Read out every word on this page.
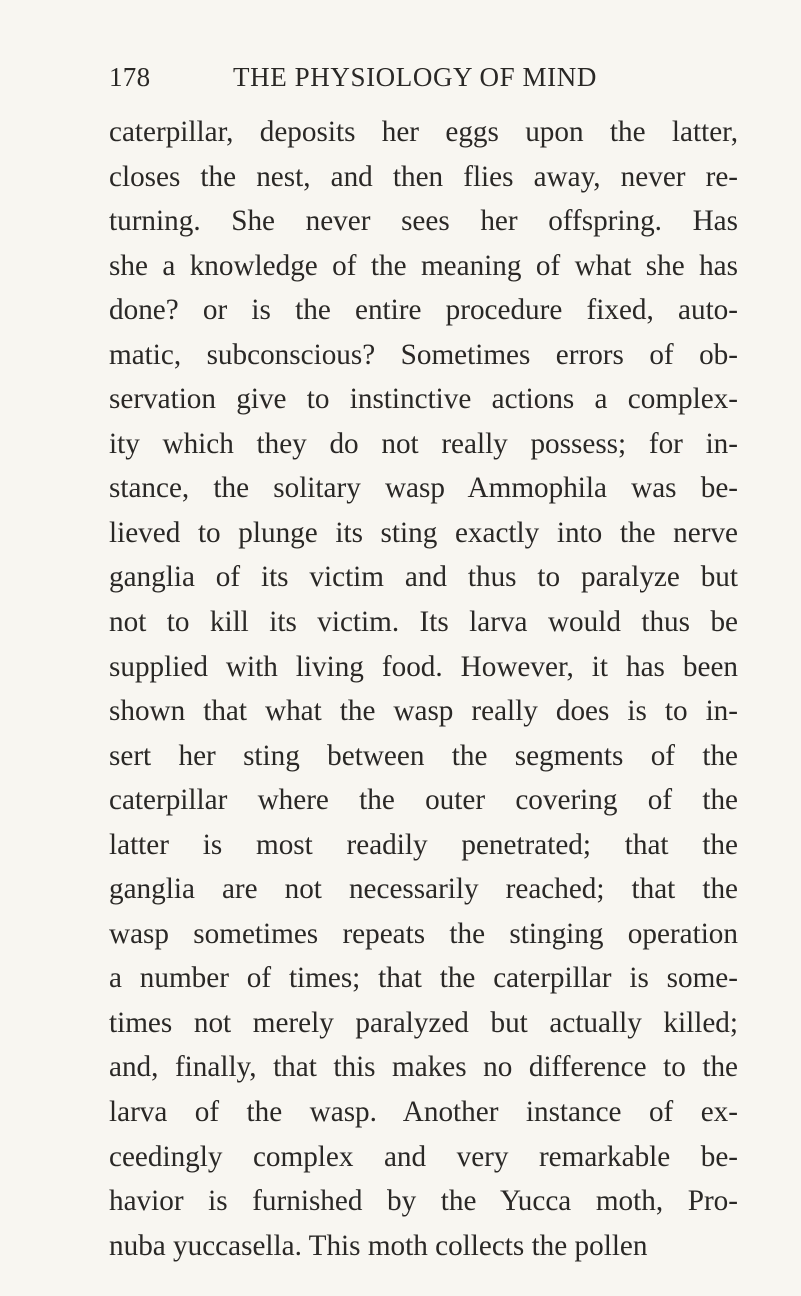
178	THE PHYSIOLOGY OF MIND
caterpillar, deposits her eggs upon the latter,
closes the nest, and then flies away, never re-
turning. She never sees her offspring. Has
she a knowledge of the meaning of what she has
done? or is the entire procedure fixed, auto-
matic, subconscious? Sometimes errors of ob-
servation give to instinctive actions a complex-
ity which they do not really possess; for in-
stance, the solitary wasp Ammophila was be-
lieved to plunge its sting exactly into the nerve
ganglia of its victim and thus to paralyze but
not to kill its victim. Its larva would thus be
supplied with living food. However, it has been
shown that what the wasp really does is to in-
sert her sting between the segments of the
caterpillar where the outer covering of the
latter is most readily penetrated; that the
ganglia are not necessarily reached; that the
wasp sometimes repeats the stinging operation
a number of times; that the caterpillar is some-
times not merely paralyzed but actually killed;
and, finally, that this makes no difference to the
larva of the wasp. Another instance of ex-
ceedingly complex and very remarkable be-
havior is furnished by the Yucca moth, Pro-
nuba yuccasella. This moth collects the pollen
